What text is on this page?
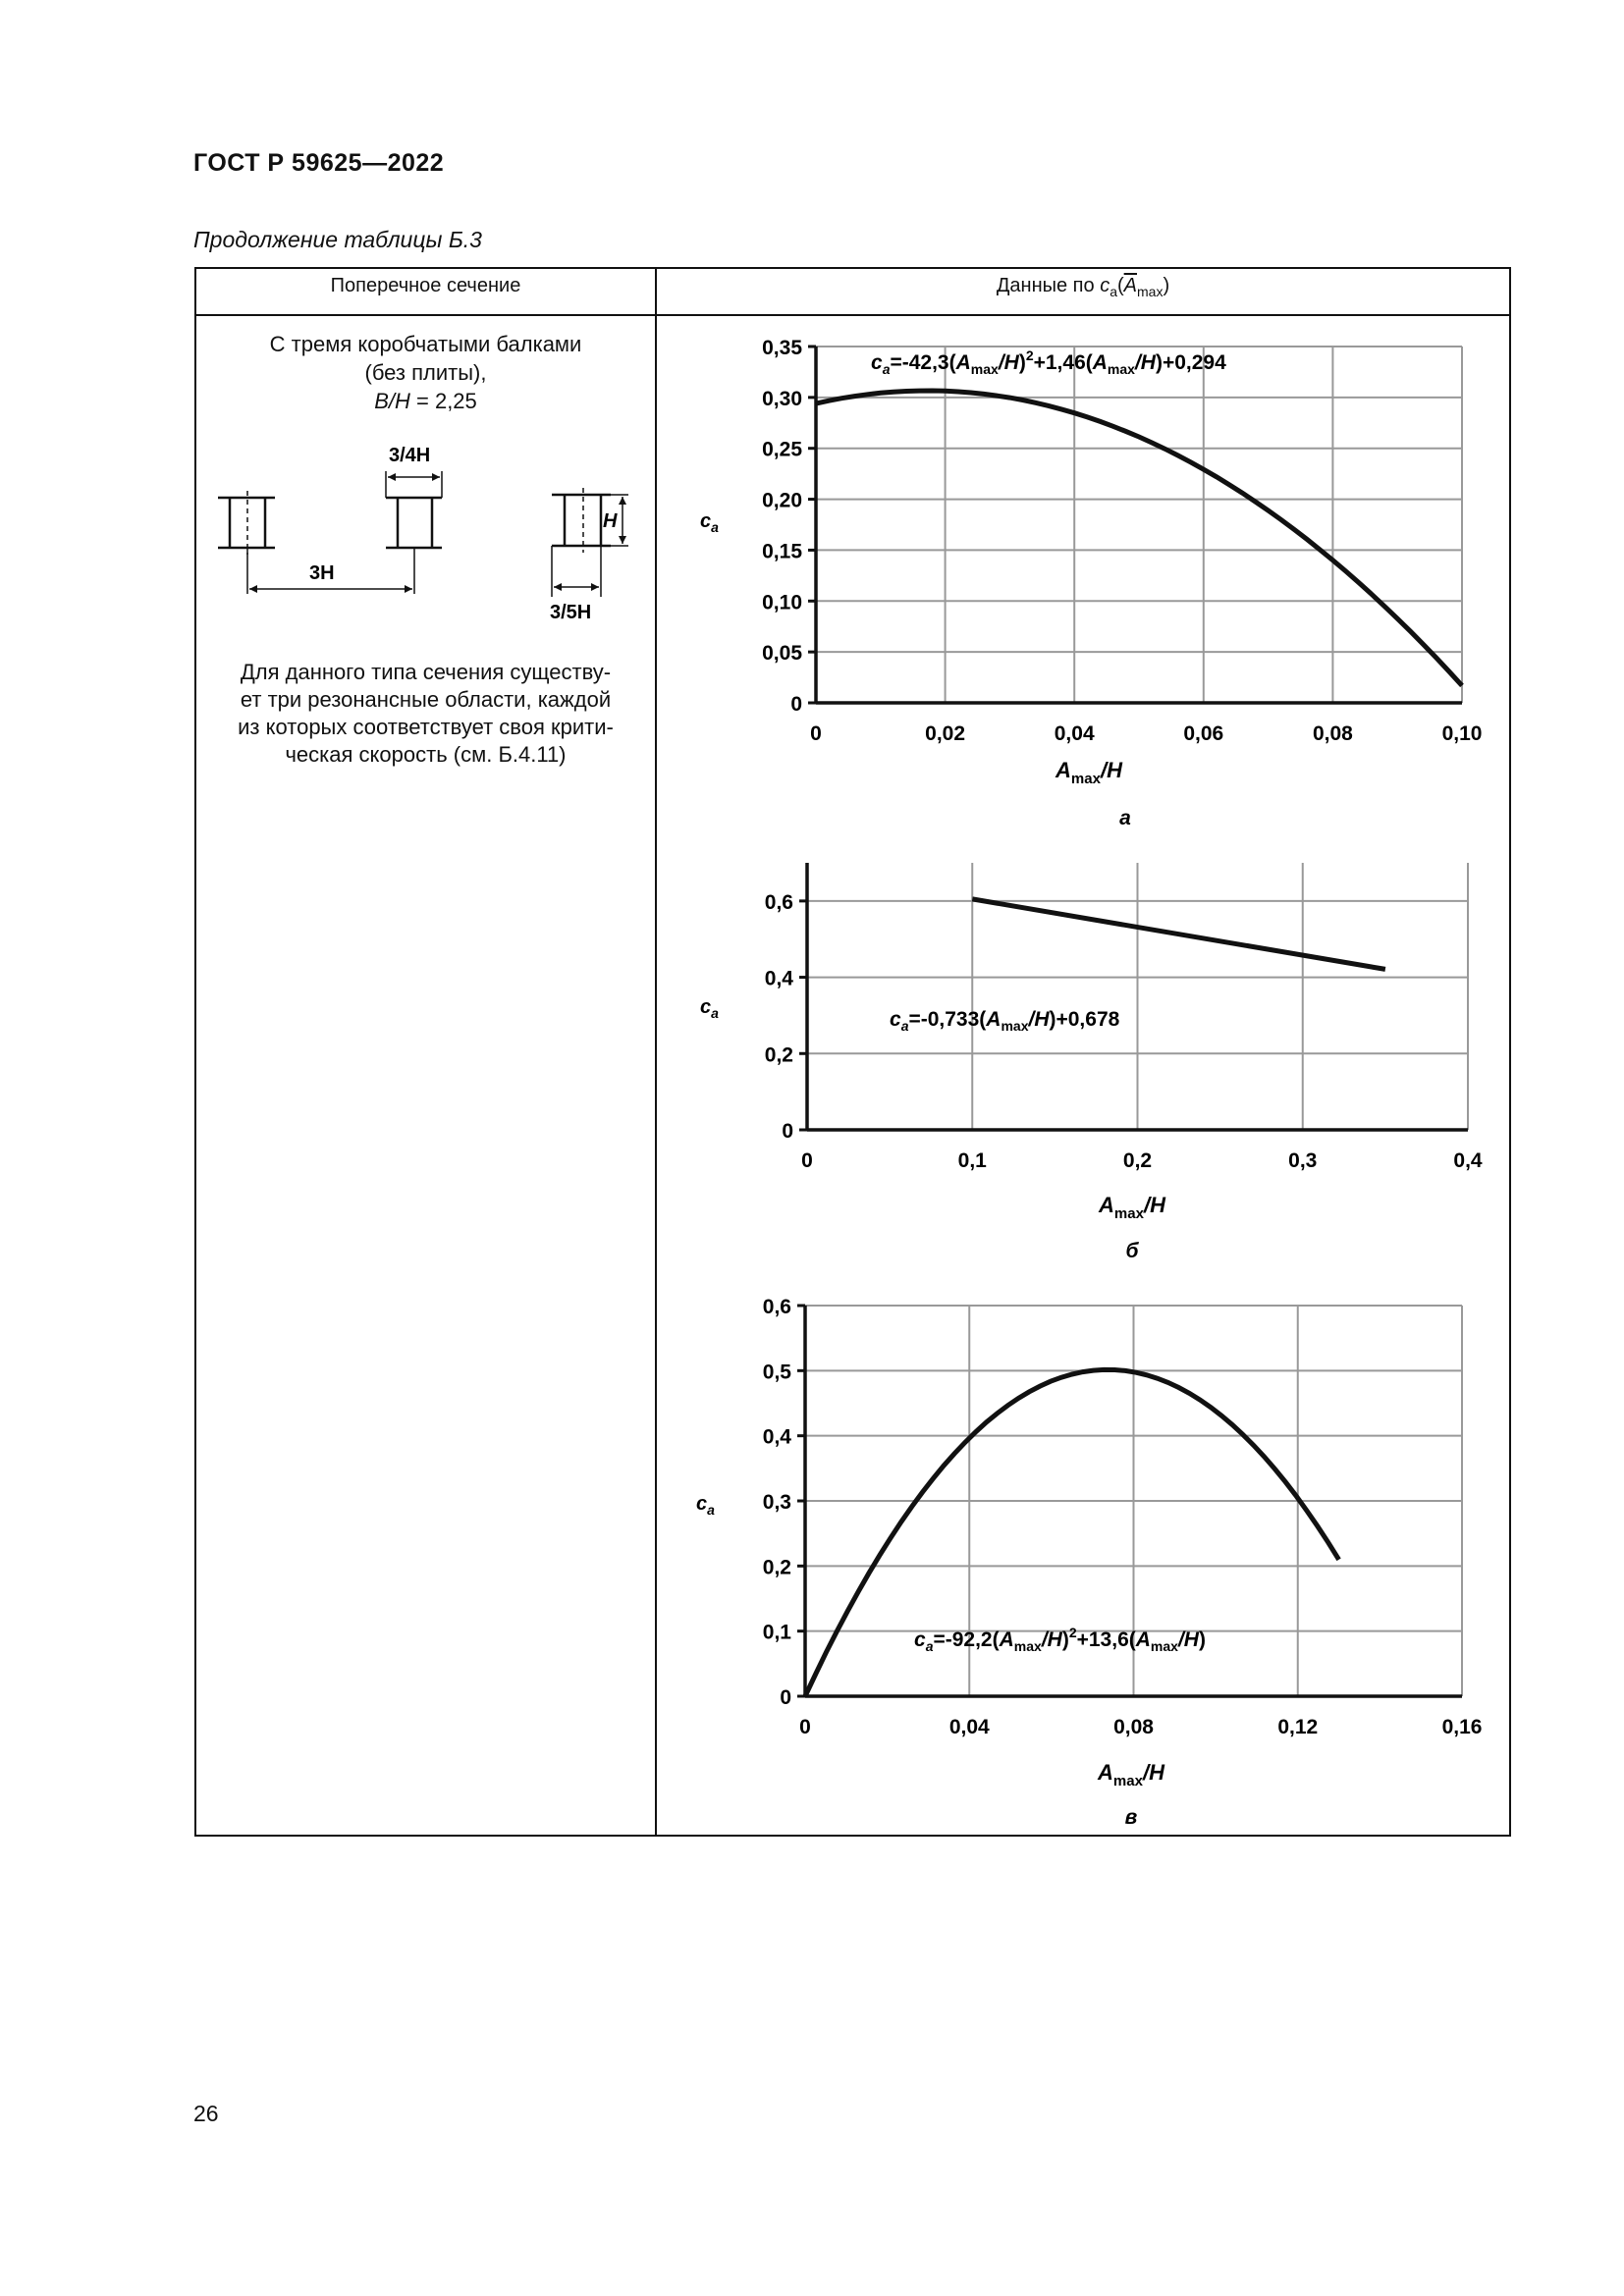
ГОСТ Р 59625—2022
Продолжение таблицы Б.3
Поперечное сечение	Данные по $c_a(\overline{A}_{max})$
С тремя коробчатыми балками
(без плиты),
B/H = 2,25
3/4H
3H
H
3/5H
Для данного типа сечения существу-
ет три резонансные области, каждой
из которых соответствует своя крити-
ческая скорость (см. Б.4.11)
0	0,02	0,04	0,06	0,08	0,10
0
0,05
0,10
0,15
0,20
0,25
0,30
0,35
$c_a=-42,3(A_{max}/H)^2+1,46(A_{max}/H)+0,294$
$c_a$
$A_{max}/H$
а
0	0,1	0,2	0,3	0,4
0
0,2
0,4
0,6
$c_a=-0,733(A_{max}/H)+0,678$
$c_a$
$A_{max}/H$
б
0	0,04	0,08	0,12	0,16
0
0,1
0,2
0,3
0,4
0,5
0,6
$c_a=-92,2(A_{max}/H)^2+13,6(A_{max}/H)$
$c_a$
$A_{max}/H$
в
26
